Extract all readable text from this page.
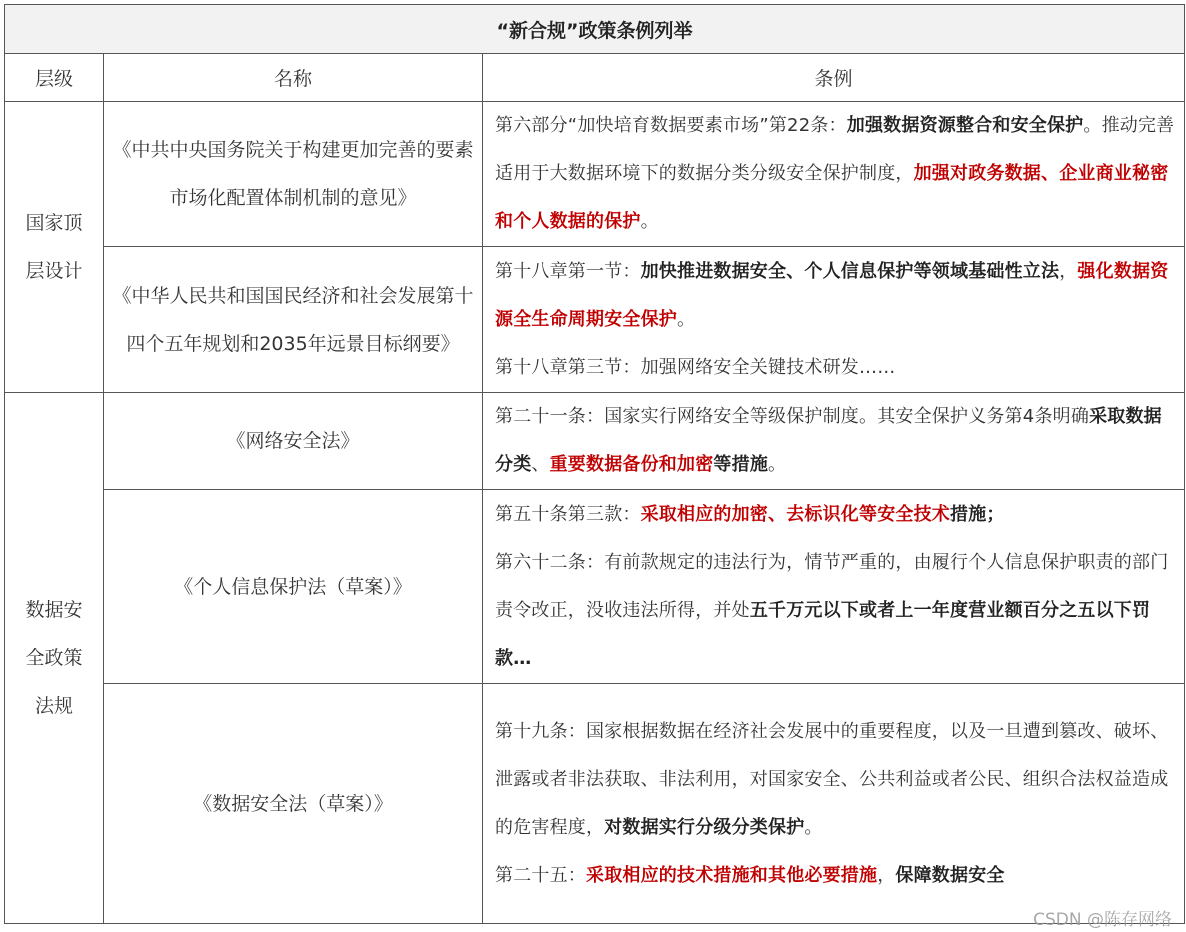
“新合规”政策条例列举		
层级	名称	条例

国家顶
层设计	《中共中央国务院关于构建更加完善的要素市场化配置体制机制的意见》	第六部分“加快培育数据要素市场”第22条：加强数据资源整合和安全保护。推动完善适用于大数据环境下的数据分类分级安全保护制度，加强对政务数据、企业商业秘密和个人数据的保护。

	《中华人民共和国国民经济和社会发展第十四个五年规划和2035年远景目标纲要》	第十八章第一节：加快推进数据安全、个人信息保护等领域基础性立法，强化数据资源全生命周期安全保护。
第十八章第三节：加强网络安全关键技术研发……

数据安
全政策
法规	《网络安全法》	第二十一条：国家实行网络安全等级保护制度。其安全保护义务第4条明确采取数据分类、重要数据备份和加密等措施。

	《个人信息保护法（草案）》	第五十条第三款：采取相应的加密、去标识化等安全技术措施；
第六十二条：有前款规定的违法行为，情节严重的，由履行个人信息保护职责的部门责令改正，没收违法所得，并处五千万元以下或者上一年度营业额百分之五以下罚款…

	《数据安全法（草案）》	第十九条：国家根据数据在经济社会发展中的重要程度，以及一旦遭到篡改、破坏、泄露或者非法获取、非法利用，对国家安全、公共利益或者公民、组织合法权益造成的危害程度，对数据实行分级分类保护。
第二十五：采取相应的技术措施和其他必要措施，保障数据安全
CSDN @陈存网络
